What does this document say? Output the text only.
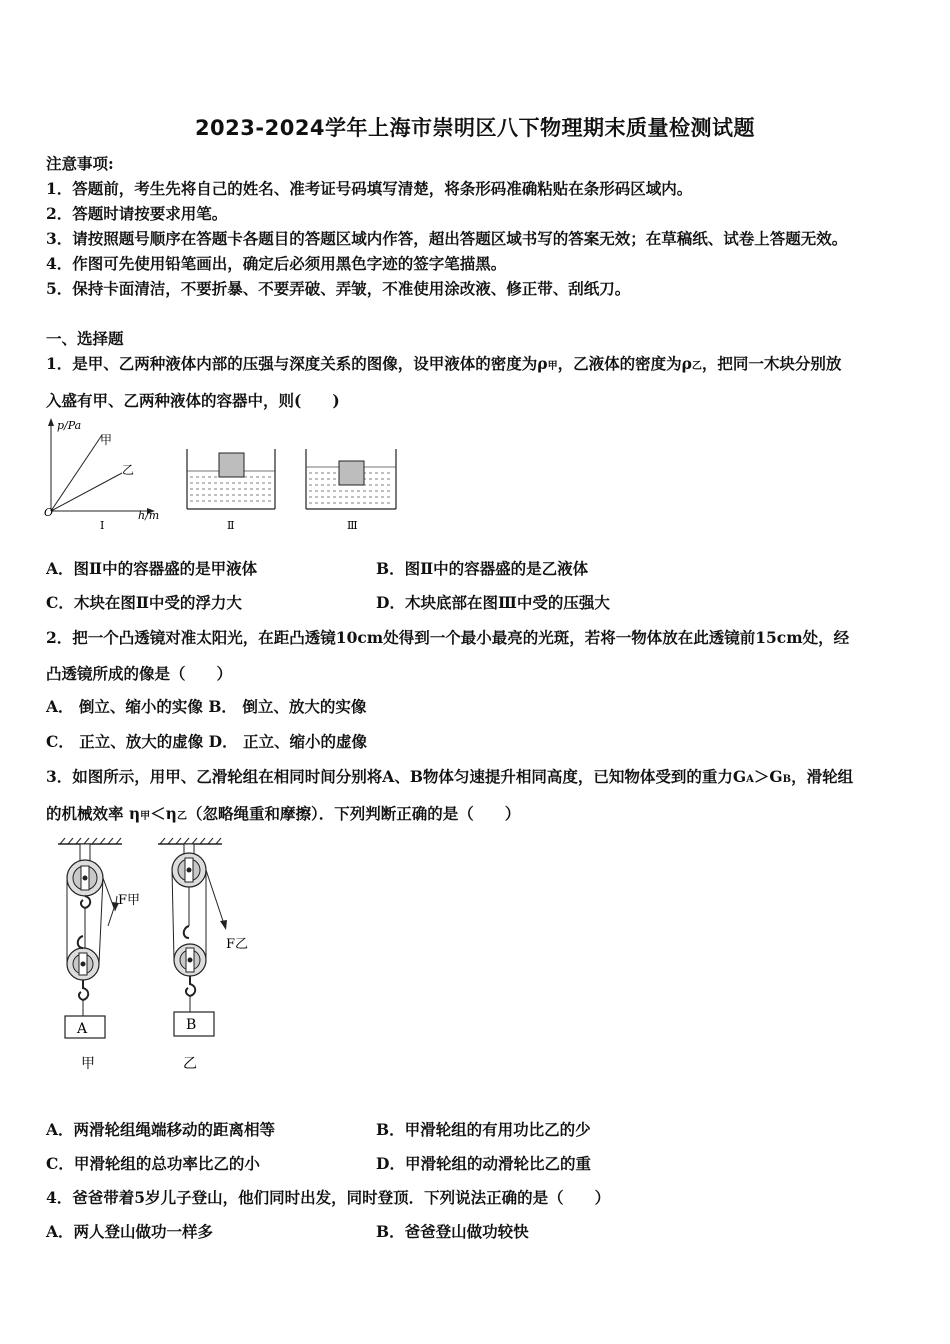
2023-2024学年上海市崇明区八下物理期末质量检测试题
注意事项:
1．答题前，考生先将自己的姓名、准考证号码填写清楚，将条形码准确粘贴在条形码区域内。
2．答题时请按要求用笔。
3．请按照题号顺序在答题卡各题目的答题区域内作答，超出答题区域书写的答案无效；在草稿纸、试卷上答题无效。
4．作图可先使用铅笔画出，确定后必须用黑色字迹的签字笔描黑。
5．保持卡面清洁，不要折暴、不要弄破、弄皱，不准使用涂改液、修正带、刮纸刀。
一、选择题
1．是甲、乙两种液体内部的压强与深度关系的图像，设甲液体的密度为ρ甲，乙液体的密度为ρ乙，把同一木块分别放
入盛有甲、乙两种液体的容器中，则(　　)
p/Pa
甲
乙
O	h/m
Ⅰ	Ⅱ	Ⅲ
A．图Ⅱ中的容器盛的是甲液体	B．图Ⅱ中的容器盛的是乙液体
C．木块在图Ⅱ中受的浮力大	D．木块底部在图Ⅲ中受的压强大
2．把一个凸透镜对准太阳光，在距凸透镜10cm处得到一个最小最亮的光斑，若将一物体放在此透镜前15cm处，经
凸透镜所成的像是（　　）
A． 倒立、缩小的实像 B． 倒立、放大的实像
C． 正立、放大的虚像 D． 正立、缩小的虚像
3．如图所示，用甲、乙滑轮组在相同时间分别将A、B物体匀速提升相同高度，已知物体受到的重力GA＞GB，滑轮组
的机械效率 η甲＜η乙（忽略绳重和摩擦）．下列判断正确的是（　　）
A
F甲
甲
B
F乙
乙
A．两滑轮组绳端移动的距离相等	B．甲滑轮组的有用功比乙的少
C．甲滑轮组的总功率比乙的小	D．甲滑轮组的动滑轮比乙的重
4．爸爸带着5岁儿子登山，他们同时出发，同时登顶．下列说法正确的是（　　）
A．两人登山做功一样多	B．爸爸登山做功较快
